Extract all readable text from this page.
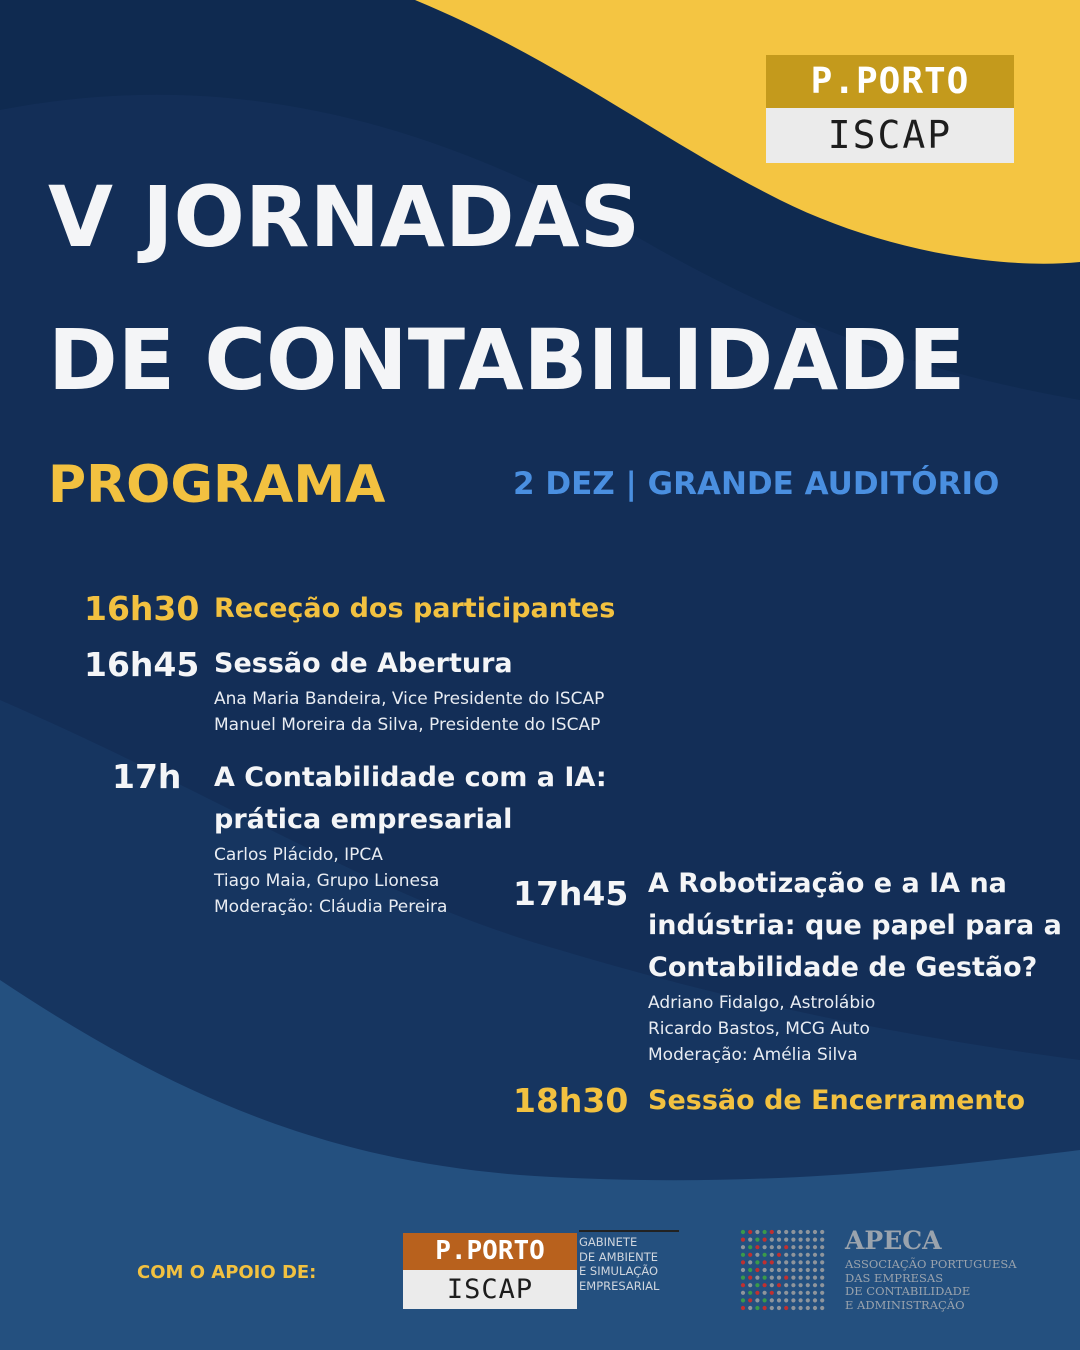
P.PORTO
ISCAP
V JORNADAS
DE CONTABILIDADE
PROGRAMA	2 DEZ | GRANDE AUDITÓRIO
16h30 Receção dos participantes
16h45 Sessão de Abertura
Ana Maria Bandeira, Vice Presidente do ISCAP
Manuel Moreira da Silva, Presidente do ISCAP
17h A Contabilidade com a IA:
prática empresarial
Carlos Plácido, IPCA
Tiago Maia, Grupo Lionesa
Moderação: Cláudia Pereira 17h45 A Robotização e a IA na
indústria: que papel para a
Contabilidade de Gestão?
Adriano Fidalgo, Astrolábio
Ricardo Bastos, MCG Auto
Moderação: Amélia Silva
18h30 Sessão de Encerramento
COM O APOIO DE:
P.PORTO
ISCAP
GABINETE
DE AMBIENTE
E SIMULAÇÃO
EMPRESARIAL
APECA
ASSOCIAÇÃO PORTUGUESA
DAS EMPRESAS
DE CONTABILIDADE
E ADMINISTRAÇÃO
